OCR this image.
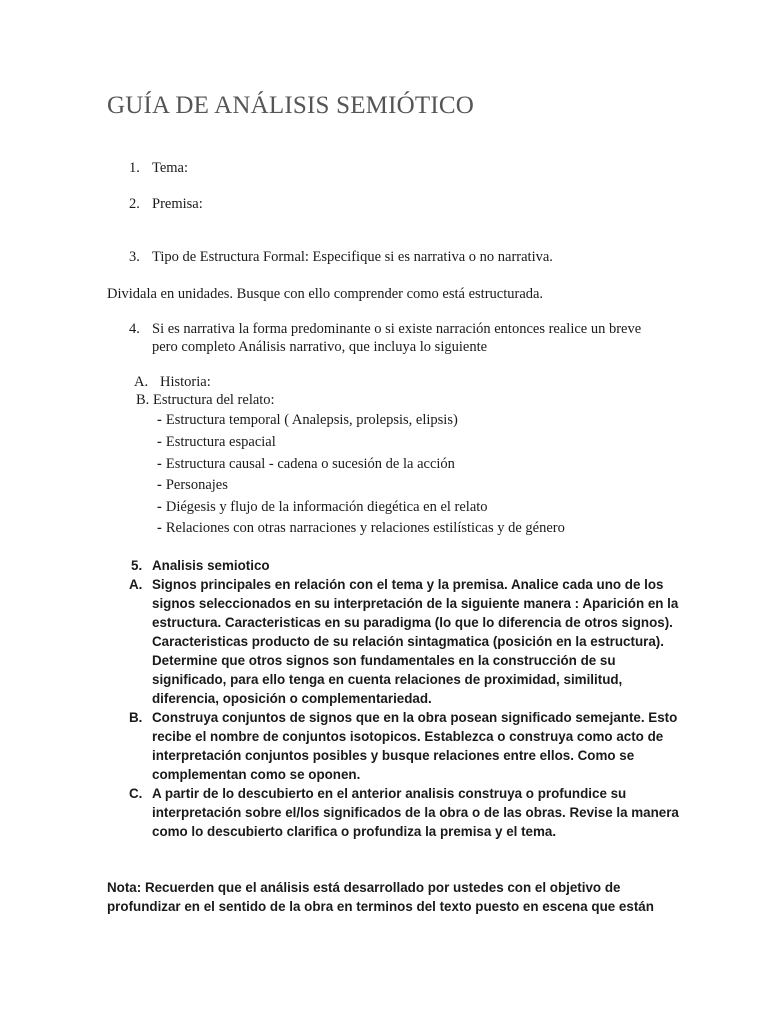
GUÍA DE ANÁLISIS SEMIÓTICO
1. Tema:
2. Premisa:
3. Tipo de Estructura Formal: Especifique si es narrativa o no narrativa.
Dividala en unidades. Busque con ello comprender como está estructurada.
4. Si es narrativa la forma predominante o si existe narración entonces realice un breve
pero completo Análisis narrativo, que incluya lo siguiente
A. Historia:
B. Estructura del relato:
- Estructura temporal ( Analepsis, prolepsis, elipsis)
- Estructura espacial
- Estructura causal - cadena o sucesión de la acción
- Personajes
- Diégesis y flujo de la información diegética en el relato
- Relaciones con otras narraciones y relaciones estilísticas y de género
5. Analisis semiotico
A. Signos principales en relación con el tema y la premisa. Analice cada uno de los
signos seleccionados en su interpretación de la siguiente manera : Aparición en la
estructura. Caracteristicas en su paradigma (lo que lo diferencia de otros signos).
Caracteristicas producto de su relación sintagmatica (posición en la estructura).
Determine que otros signos son fundamentales en la construcción de su
significado, para ello tenga en cuenta relaciones de proximidad, similitud,
diferencia, oposición o complementariedad.
B. Construya conjuntos de signos que en la obra posean significado semejante. Esto
recibe el nombre de conjuntos isotopicos. Establezca o construya como acto de
interpretación conjuntos posibles y busque relaciones entre ellos. Como se
complementan como se oponen.
C. A partir de lo descubierto en el anterior analisis construya o profundice su
interpretación sobre el/los significados de la obra o de las obras. Revise la manera
como lo descubierto clarifica o profundiza la premisa y el tema.
Nota: Recuerden que el análisis está desarrollado por ustedes con el objetivo de
profundizar en el sentido de la obra en terminos del texto puesto en escena que están
